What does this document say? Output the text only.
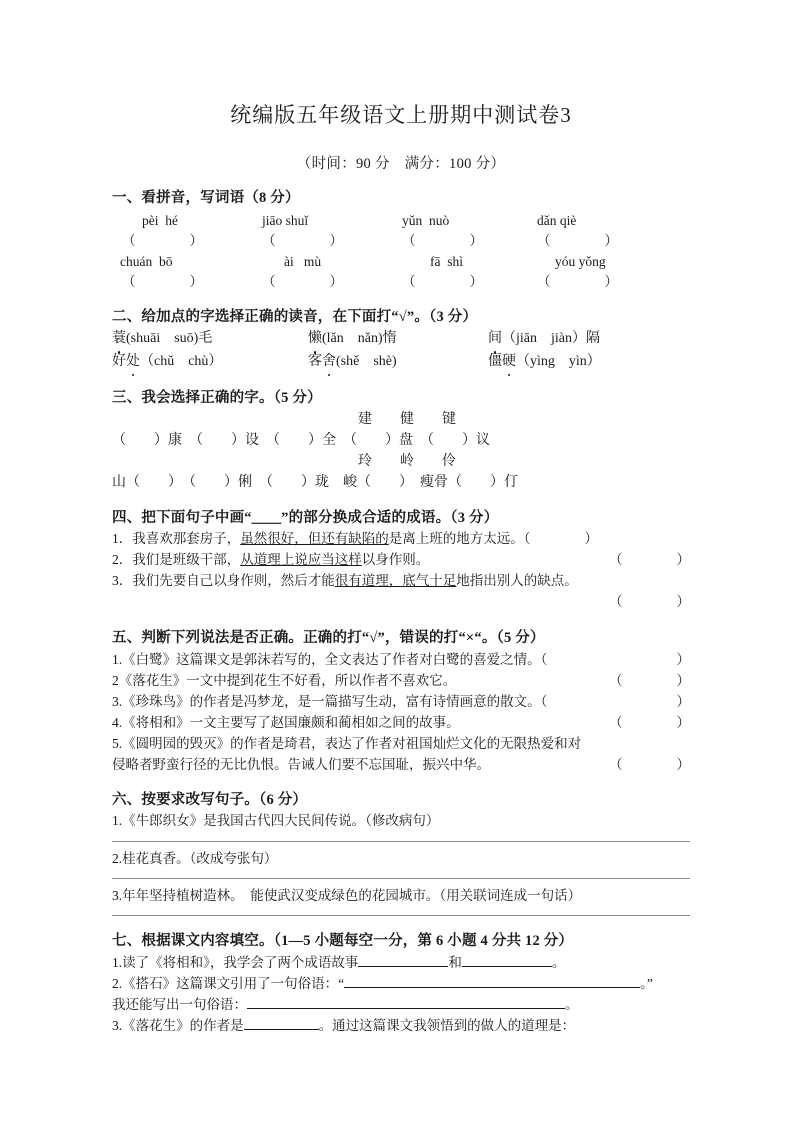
统编版五年级语文上册期中测试卷3
（时间：90 分　满分：100 分）
一、看拼音，写词语（8 分）
pèi  hé	jiāo shuǐ	yǔn  nuò	dǎn qiè
（　　　　）	（　　　　）	（　　　　）	（　　　　）
chuán  bō	ài   mù	fā  shì	yóu yǒng
（　　　　）	（　　　　）	（　　　　）	（　　　　）
二、给加点的字选择正确的读音，在下面打“√”。（3 分）
蓑(shuāi　suō)毛	懒(lǎn　nǎn)惰	间（jiān　jiàn）隔
好处（chǔ　chù）	客舍(shě　shè)	僵硬（yìng　yìn）
三、我会选择正确的字。（5 分）
建　　健　　键
（　　）康　（　　）设　（　　）全　（　　）盘　（　　）议
玲　　岭　　伶
山（　　）　（　　）俐　（　　）珑　峻（　　）　瘦骨（　　）仃
四、把下面句子中画“＿＿”的部分换成合适的成语。（3 分）
1．我喜欢那套房子，虽然很好，但还有缺陷的是离上班的地方太远。（　　　　）
2．我们是班级干部，从道理上说应当这样以身作则。	（　　　　）
3．我们先要自己以身作则，然后才能很有道理，底气十足地指出别人的缺点。
（　　　　）
五、判断下列说法是否正确。正确的打“√”，错误的打“×“。（5 分）
1.《白鹭》这篇课文是郭沫若写的，全文表达了作者对白鹭的喜爱之情。（	　　　）
2《落花生》一文中提到花生不好看，所以作者不喜欢它。	（　　　　）
3.《珍珠鸟》的作者是冯梦龙，是一篇描写生动，富有诗情画意的散文。（	　　　）
4.《将相和》一文主要写了赵国廉颇和蔺相如之间的故事。	（　　　　）
5.《圆明园的毁灭》的作者是琦君，表达了作者对祖国灿烂文化的无限热爱和对
侵略者野蛮行径的无比仇恨。告诫人们要不忘国耻，振兴中华。	（　　　　）
六、按要求改写句子。（6 分）
1.《牛郎织女》是我国古代四大民间传说。（修改病句）
2.桂花真香。（改成夸张句）
3.年年坚持植树造林。　能使武汉变成绿色的花园城市。（用关联词连成一句话）
七、根据课文内容填空。（1—5 小题每空一分，第 6 小题 4 分共 12 分）
1.读了《将相和》，我学会了两个成语故事	和	。
2.《搭石》这篇课文引用了一句俗语：“	。”
我还能写出一句俗语：	。
3.《落花生》的作者是	。通过这篇课文我领悟到的做人的道理是：
